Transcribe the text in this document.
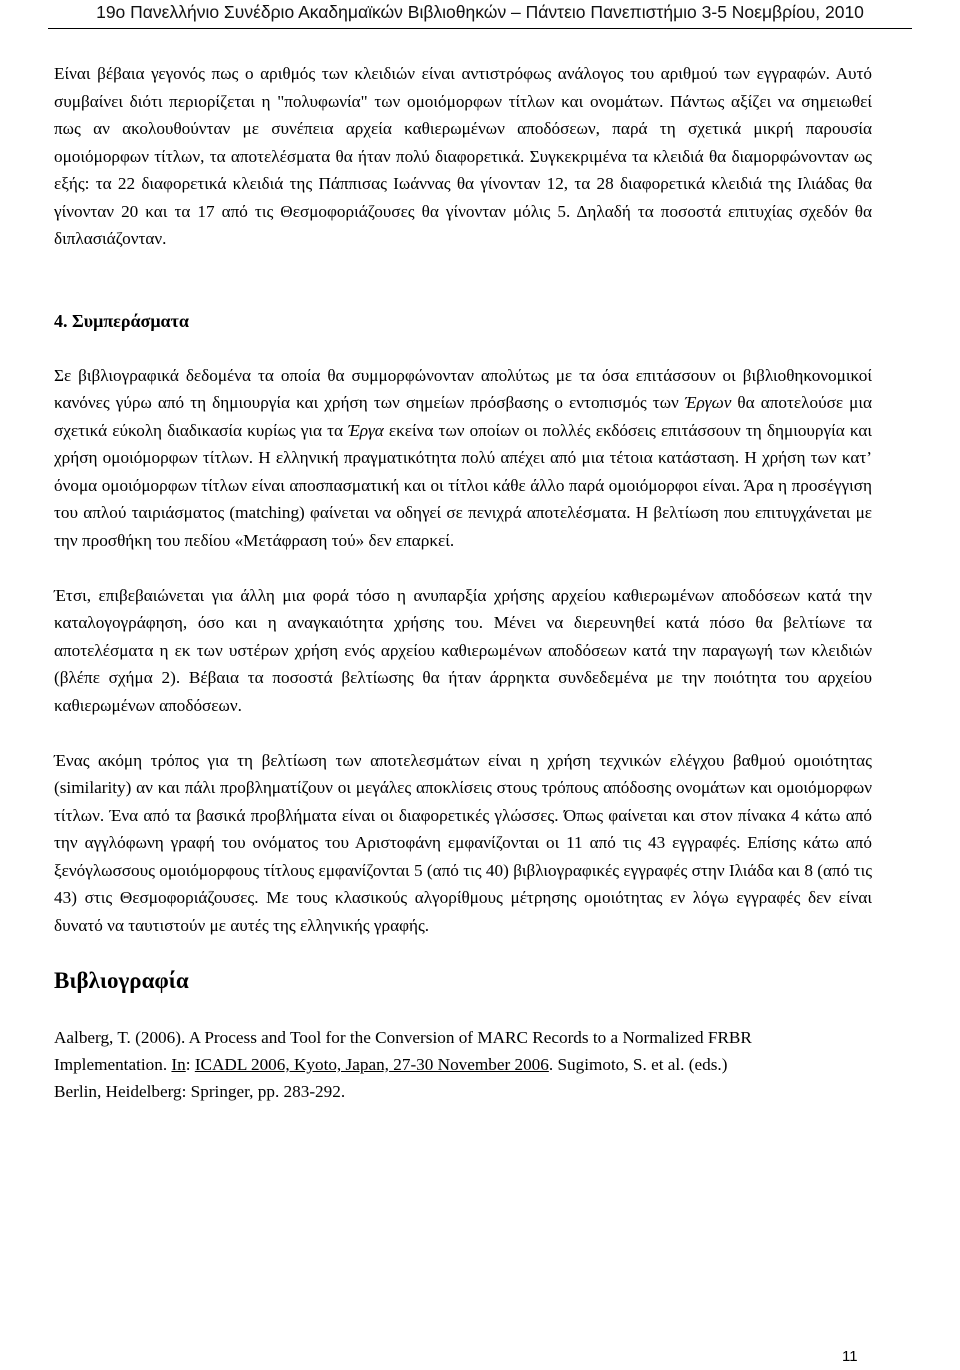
19ο Πανελλήνιο Συνέδριο Ακαδημαϊκών Βιβλιοθηκών – Πάντειο Πανεπιστήμιο 3-5 Νοεμβρίου, 2010

Είναι βέβαια γεγονός πως ο αριθμός των κλειδιών είναι αντιστρόφως ανάλογος του αριθμού των εγγραφών. Αυτό συμβαίνει διότι περιορίζεται η "πολυφωνία" των ομοιόμορφων τίτλων και ονομάτων. Πάντως αξίζει να σημειωθεί πως αν ακολουθούνταν με συνέπεια αρχεία καθιερωμένων αποδόσεων, παρά τη σχετικά μικρή παρουσία ομοιόμορφων τίτλων, τα αποτελέσματα θα ήταν πολύ διαφορετικά. Συγκεκριμένα τα κλειδιά θα διαμορφώνονταν ως εξής: τα 22 διαφορετικά κλειδιά της Πάππισας Ιωάννας θα γίνονταν 12, τα 28 διαφορετικά κλειδιά της Ιλιάδας θα γίνονταν 20 και τα 17 από τις Θεσμοφοριάζουσες θα γίνονταν μόλις 5. Δηλαδή τα ποσοστά επιτυχίας σχεδόν θα διπλασιάζονταν.

4. Συμπεράσματα

Σε βιβλιογραφικά δεδομένα τα οποία θα συμμορφώνονταν απολύτως με τα όσα επιτάσσουν οι βιβλιοθηκονομικοί κανόνες γύρω από τη δημιουργία και χρήση των σημείων πρόσβασης ο εντοπισμός των Έργων θα αποτελούσε μια σχετικά εύκολη διαδικασία κυρίως για τα Έργα εκείνα των οποίων οι πολλές εκδόσεις επιτάσσουν τη δημιουργία και χρήση ομοιόμορφων τίτλων. Η ελληνική πραγματικότητα πολύ απέχει από μια τέτοια κατάσταση. Η χρήση των κατ’ όνομα ομοιόμορφων τίτλων είναι αποσπασματική και οι τίτλοι κάθε άλλο παρά ομοιόμορφοι είναι. Άρα η προσέγγιση του απλού ταιριάσματος (matching) φαίνεται να οδηγεί σε πενιχρά αποτελέσματα. Η βελτίωση που επιτυγχάνεται με την προσθήκη του πεδίου «Μετάφραση τού» δεν επαρκεί.

Έτσι, επιβεβαιώνεται για άλλη μια φορά τόσο η ανυπαρξία χρήσης αρχείου καθιερωμένων αποδόσεων κατά την καταλογογράφηση, όσο και η αναγκαιότητα χρήσης του. Μένει να διερευνηθεί κατά πόσο θα βελτίωνε τα αποτελέσματα η εκ των υστέρων χρήση ενός αρχείου καθιερωμένων αποδόσεων κατά την παραγωγή των κλειδιών (βλέπε σχήμα 2). Βέβαια τα ποσοστά βελτίωσης θα ήταν άρρηκτα συνδεδεμένα με την ποιότητα του αρχείου καθιερωμένων αποδόσεων.

Ένας ακόμη τρόπος για τη βελτίωση των αποτελεσμάτων είναι η χρήση τεχνικών ελέγχου βαθμού ομοιότητας (similarity) αν και πάλι προβληματίζουν οι μεγάλες αποκλίσεις στους τρόπους απόδοσης ονομάτων και ομοιόμορφων τίτλων. Ένα από τα βασικά προβλήματα είναι οι διαφορετικές γλώσσες. Όπως φαίνεται και στον πίνακα 4 κάτω από την αγγλόφωνη γραφή του ονόματος του Αριστοφάνη εμφανίζονται οι 11 από τις 43 εγγραφές. Επίσης κάτω από ξενόγλωσσους ομοιόμορφους τίτλους εμφανίζονται 5 (από τις 40) βιβλιογραφικές εγγραφές στην Ιλιάδα και 8 (από τις 43) στις Θεσμοφοριάζουσες. Με τους κλασικούς αλγορίθμους μέτρησης ομοιότητας εν λόγω εγγραφές δεν είναι δυνατό να ταυτιστούν με αυτές της ελληνικής γραφής.

Βιβλιογραφία
Aalberg, T. (2006). A Process and Tool for the Conversion of MARC Records to a Normalized FRBR
Implementation. In: ICADL 2006, Kyoto, Japan, 27-30 November 2006. Sugimoto, S. et al. (eds.)
Berlin, Heidelberg: Springer, pp. 283-292.
11
